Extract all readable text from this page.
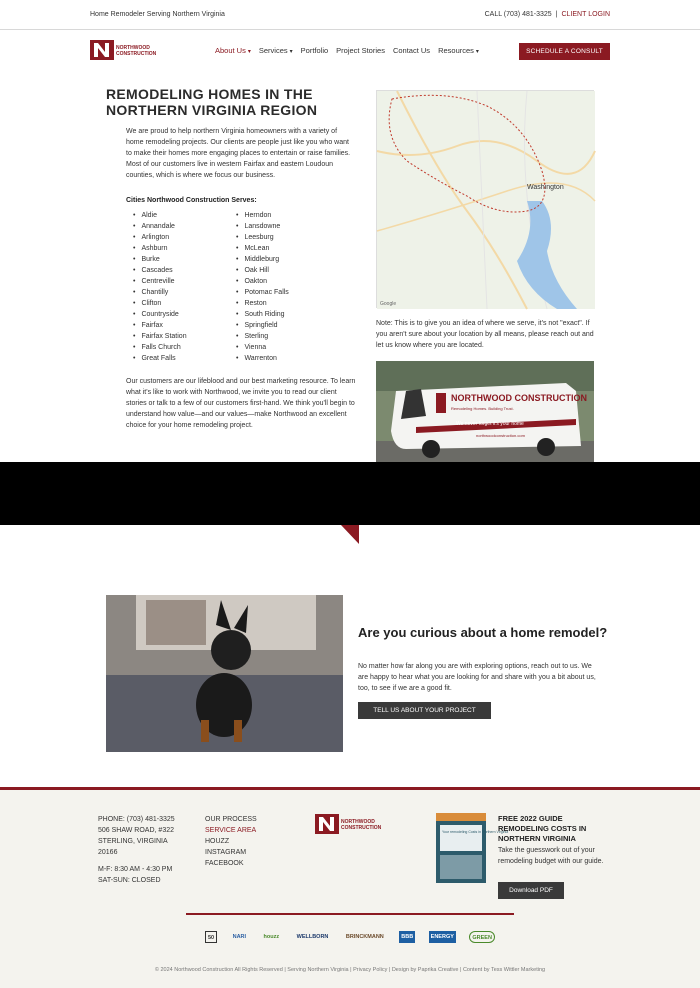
Home Remodeler Serving Northern Virginia	CALL (703) 481-3325 | CLIENT LOGIN
NORTHWOOD
CONSTRUCTION	About Us ▾ Services ▾ Portfolio Project Stories Contact Us Resources ▾	SCHEDULE A CONSULT
REMODELING HOMES IN THE NORTHERN VIRGINIA REGION

We are proud to help northern Virginia homeowners with a variety of home remodeling projects. Our clients are people just like you who want to make their homes more engaging places to entertain or raise families. Most of our customers live in western Fairfax and eastern Loudoun counties, which is where we focus our business.

Cities Northwood Construction Serves:
• Aldie
• Annandale
• Arlington
• Ashburn
• Burke
• Cascades
• Centreville
• Chantilly
• Clifton
• Countryside
• Fairfax
• Fairfax Station
• Falls Church
• Great Falls
• Herndon
• Lansdowne
• Leesburg
• McLean
• Middleburg
• Oak Hill
• Oakton
• Potomac Falls
• Reston
• South Riding
• Springfield
• Sterling
• Vienna
• Warrenton

Our customers are our lifeblood and our best marketing resource. To learn what it's like to work with Northwood, we invite you to read our client stories or talk to a few of our customers first-hand. We think you'll begin to understand how value—and our values—make Northwood an excellent choice for your home remodeling project.

Washington
Google

Note: This is to give you an idea of where we serve, it's not "exact". If you aren't sure about your location by all means, please reach out and let us know where you are located.

NORTHWOOD CONSTRUCTION
Remodeling Homes. Building Trust.
We never forget it's your home
northwoodconstruction.com
Are you curious about a home remodel?

No matter how far along you are with exploring options, reach out to us. We are happy to hear what you are looking for and share with you a bit about us, too, to see if we are a good fit.

TELL US ABOUT YOUR PROJECT
PHONE: (703) 481-3325
506 SHAW ROAD, #322
STERLING, VIRGINIA
20166
M-F: 8:30 AM - 4:30 PM
SAT-SUN: CLOSED
OUR PROCESS
SERVICE AREA
HOUZZ
INSTAGRAM
FACEBOOK
NORTHWOOD
CONSTRUCTION
Your remodeling Costs in Northern Virginia
FREE 2022 GUIDE REMODELING COSTS IN NORTHERN VIRGINIA

Take the guesswork out of your remodeling budget with our guide.

Download PDF
50	NARI	houzz	WELLBORN	BRINCKMANN	BBB	ENERGY	GREEN
© 2024 Northwood Construction All Rights Reserved | Serving Northern Virginia | Privacy Policy | Design by Paprika Creative | Content by Tess Wittler Marketing
